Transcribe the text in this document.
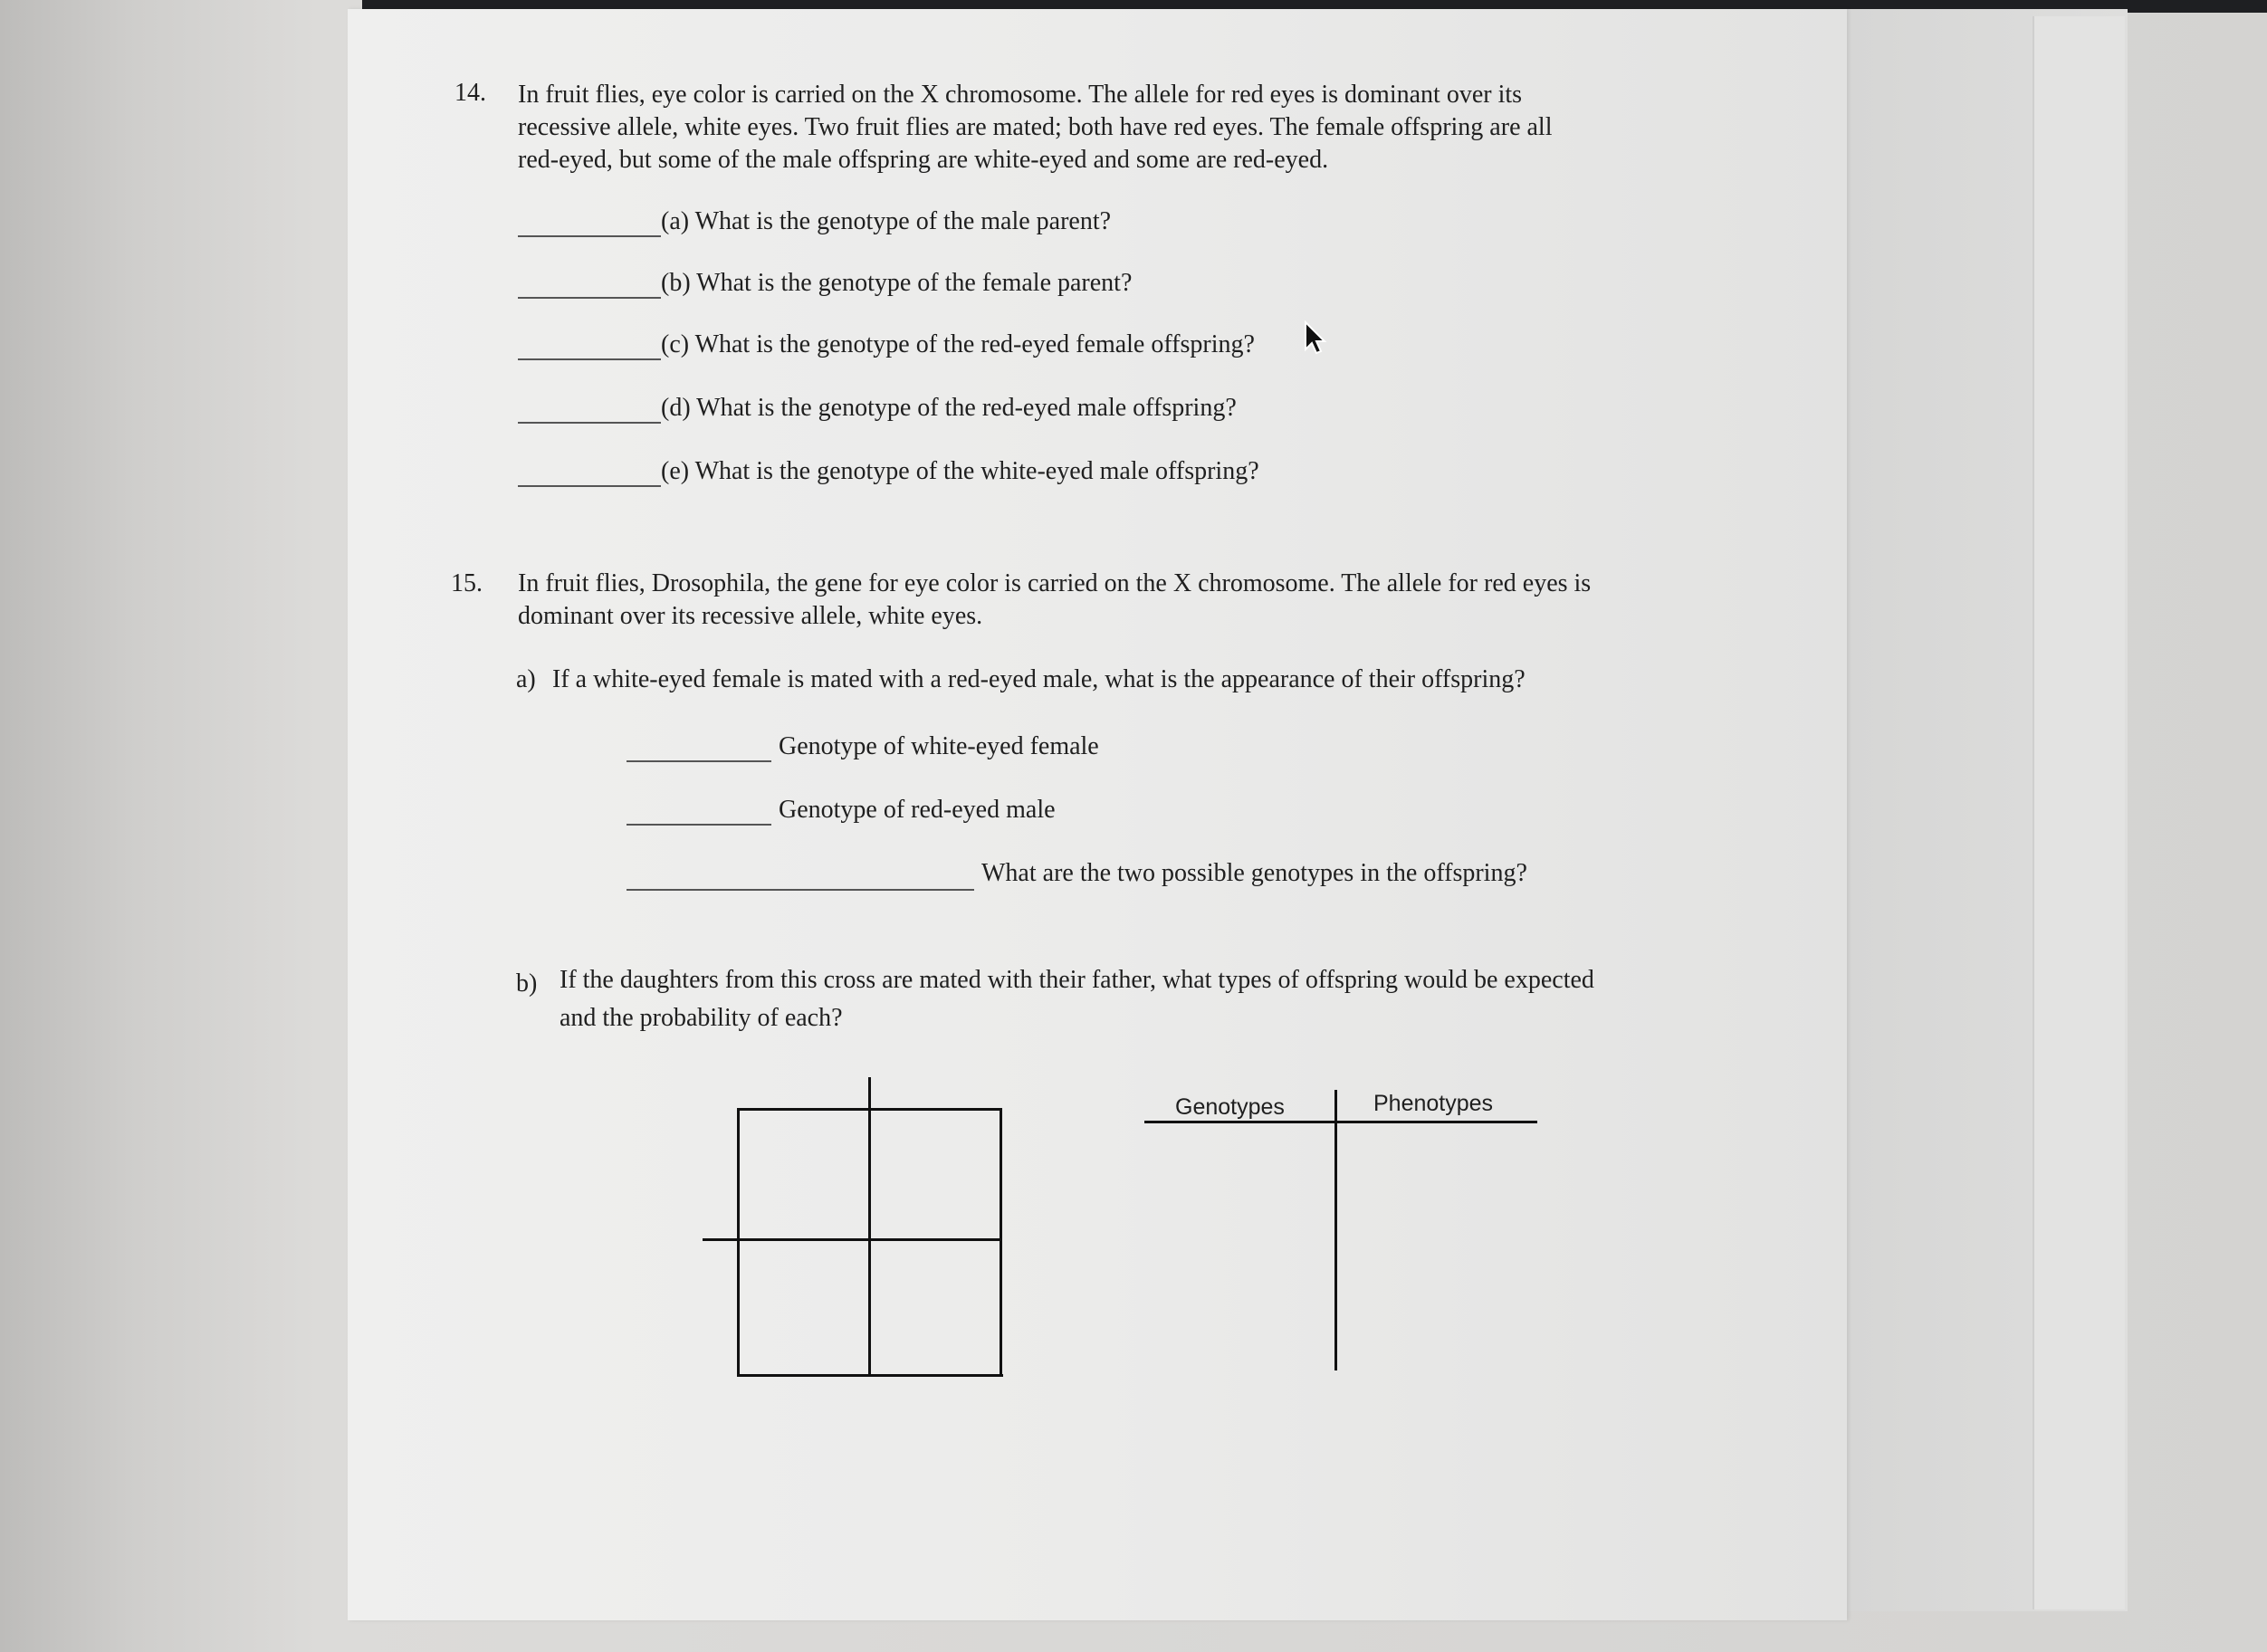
14. In fruit flies, eye color is carried on the X chromosome. The allele for red eyes is dominant over its
recessive allele, white eyes. Two fruit flies are mated; both have red eyes. The female offspring are all
red-eyed, but some of the male offspring are white-eyed and some are red-eyed.
(a) What is the genotype of the male parent?
(b) What is the genotype of the female parent?
(c) What is the genotype of the red-eyed female offspring?
(d) What is the genotype of the red-eyed male offspring?
(e) What is the genotype of the white-eyed male offspring?
15. In fruit flies, Drosophila, the gene for eye color is carried on the X chromosome. The allele for red eyes is
dominant over its recessive allele, white eyes.
a) If a white-eyed female is mated with a red-eyed male, what is the appearance of their offspring?
Genotype of white-eyed female
Genotype of red-eyed male
What are the two possible genotypes in the offspring?
b) If the daughters from this cross are mated with their father, what types of offspring would be expected
and the probability of each?
Genotypes	Phenotypes
